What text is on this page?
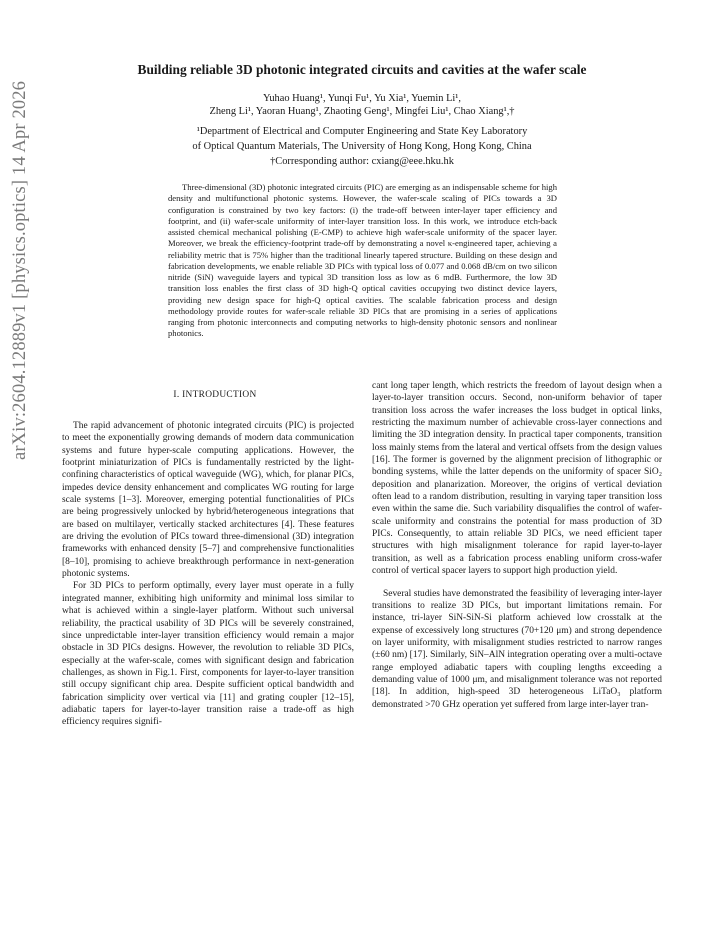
arXiv:2604.12889v1 [physics.optics] 14 Apr 2026
Building reliable 3D photonic integrated circuits and cavities at the wafer scale
Yuhao Huang¹, Yunqi Fu¹, Yu Xia¹, Yuemin Li¹,
Zheng Li¹, Yaoran Huang¹, Zhaoting Geng¹, Mingfei Liu¹, Chao Xiang¹,†
¹Department of Electrical and Computer Engineering and State Key Laboratory
of Optical Quantum Materials, The University of Hong Kong, Hong Kong, China
†Corresponding author: cxiang@eee.hku.hk
Three-dimensional (3D) photonic integrated circuits (PIC) are emerging as an indispensable scheme for high density and multifunctional photonic systems. However, the wafer-scale scaling of PICs towards a 3D configuration is constrained by two key factors: (i) the trade-off between inter-layer taper efficiency and footprint, and (ii) wafer-scale uniformity of inter-layer transition loss. In this work, we introduce etch-back assisted chemical mechanical polishing (E-CMP) to achieve high wafer-scale uniformity of the spacer layer. Moreover, we break the efficiency-footprint trade-off by demonstrating a novel κ-engineered taper, achieving a reliability metric that is 75% higher than the traditional linearly tapered structure. Building on these design and fabrication developments, we enable reliable 3D PICs with typical loss of 0.077 and 0.068 dB/cm on two silicon nitride (SiN) waveguide layers and typical 3D transition loss as low as 6 mdB. Furthermore, the low 3D transition loss enables the first class of 3D high-Q optical cavities occupying two distinct device layers, providing new design space for high-Q optical cavities. The scalable fabrication process and design methodology provide routes for wafer-scale reliable 3D PICs that are promising in a series of applications ranging from photonic interconnects and computing networks to high-density photonic sensors and nonlinear photonics.
I. INTRODUCTION

The rapid advancement of photonic integrated circuits (PIC) is projected to meet the exponentially growing demands of modern data communication systems and future hyper-scale computing applications. However, the footprint miniaturization of PICs is fundamentally restricted by the light-confining characteristics of optical waveguide (WG), which, for planar PICs, impedes device density enhancement and complicates WG routing for large scale systems [1–3]. Moreover, emerging potential functionalities of PICs are being progressively unlocked by hybrid/heterogeneous integrations that are based on multilayer, vertically stacked architectures [4]. These features are driving the evolution of PICs toward three-dimensional (3D) integration frameworks with enhanced density [5–7] and comprehensive functionalities [8–10], promising to achieve breakthrough performance in next-generation photonic systems.

For 3D PICs to perform optimally, every layer must operate in a fully integrated manner, exhibiting high uniformity and minimal loss similar to what is achieved within a single-layer platform. Without such universal reliability, the practical usability of 3D PICs will be severely constrained, since unpredictable inter-layer transition efficiency would remain a major obstacle in 3D PICs designs. However, the revolution to reliable 3D PICs, especially at the wafer-scale, comes with significant design and fabrication challenges, as shown in Fig.1. First, components for layer-to-layer transition still occupy significant chip area. Despite sufficient optical bandwidth and fabrication simplicity over vertical via [11] and grating coupler [12–15], adiabatic tapers for layer-to-layer transition raise a trade-off as high efficiency requires signifi-

cant long taper length, which restricts the freedom of layout design when a layer-to-layer transition occurs. Second, non-uniform behavior of taper transition loss across the wafer increases the loss budget in optical links, restricting the maximum number of achievable cross-layer connections and limiting the 3D integration density. In practical taper components, transition loss mainly stems from the lateral and vertical offsets from the design values [16]. The former is governed by the alignment precision of lithographic or bonding systems, while the latter depends on the uniformity of spacer SiO₂ deposition and planarization. Moreover, the origins of vertical deviation often lead to a random distribution, resulting in varying taper transition loss even within the same die. Such variability disqualifies the control of wafer-scale uniformity and constrains the potential for mass production of 3D PICs. Consequently, to attain reliable 3D PICs, we need efficient taper structures with high misalignment tolerance for rapid layer-to-layer transition, as well as a fabrication process enabling uniform cross-wafer control of vertical spacer layers to support high production yield.

Several studies have demonstrated the feasibility of leveraging inter-layer transitions to realize 3D PICs, but important limitations remain. For instance, tri-layer SiN-SiN-Si platform achieved low crosstalk at the expense of excessively long structures (70+120 μm) and strong dependence on layer uniformity, with misalignment studies restricted to narrow ranges (±60 nm) [17]. Similarly, SiN–AlN integration operating over a multi-octave range employed adiabatic tapers with coupling lengths exceeding a demanding value of 1000 μm, and misalignment tolerance was not reported [18]. In addition, high-speed 3D heterogeneous LiTaO₃ platform demonstrated >70 GHz operation yet suffered from large inter-layer tran-
